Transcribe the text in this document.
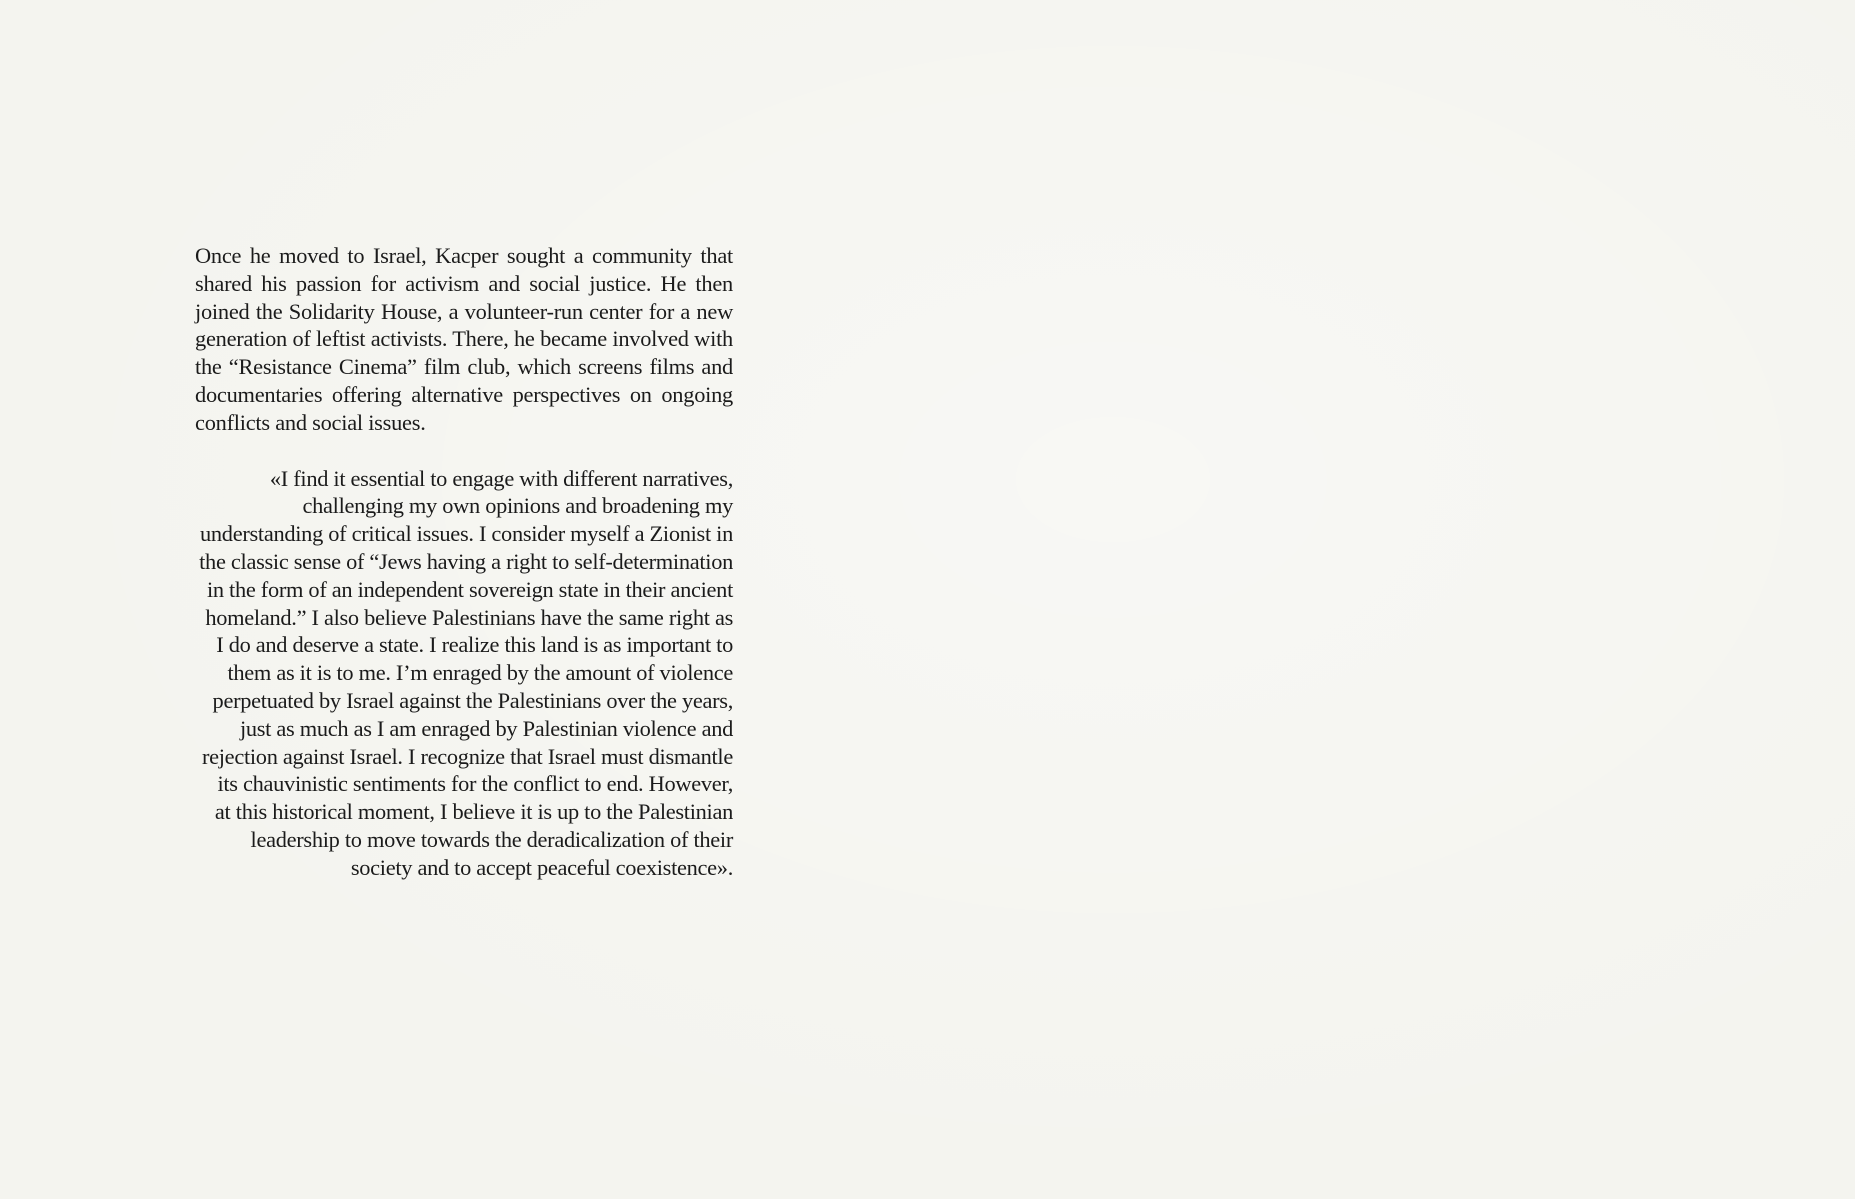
Once he moved to Israel, Kacper sought a community that shared his passion for activism and social justice. He then joined the Solidarity House, a volunteer-run center for a new generation of leftist activists. There, he became involved with the “Resistance Cinema” film club, which screens films and documentaries offering alternative perspectives on ongoing conflicts and social issues.

«I find it essential to engage with different narratives,
challenging my own opinions and broadening my
understanding of critical issues. I consider myself a Zionist in
the classic sense of “Jews having a right to self-determination
in the form of an independent sovereign state in their ancient
homeland.” I also believe Palestinians have the same right as
I do and deserve a state. I realize this land is as important to
them as it is to me. I’m enraged by the amount of violence
perpetuated by Israel against the Palestinians over the years,
just as much as I am enraged by Palestinian violence and
rejection against Israel. I recognize that Israel must dismantle
its chauvinistic sentiments for the conflict to end. However,
at this historical moment, I believe it is up to the Palestinian
leadership to move towards the deradicalization of their
society and to accept peaceful coexistence».
